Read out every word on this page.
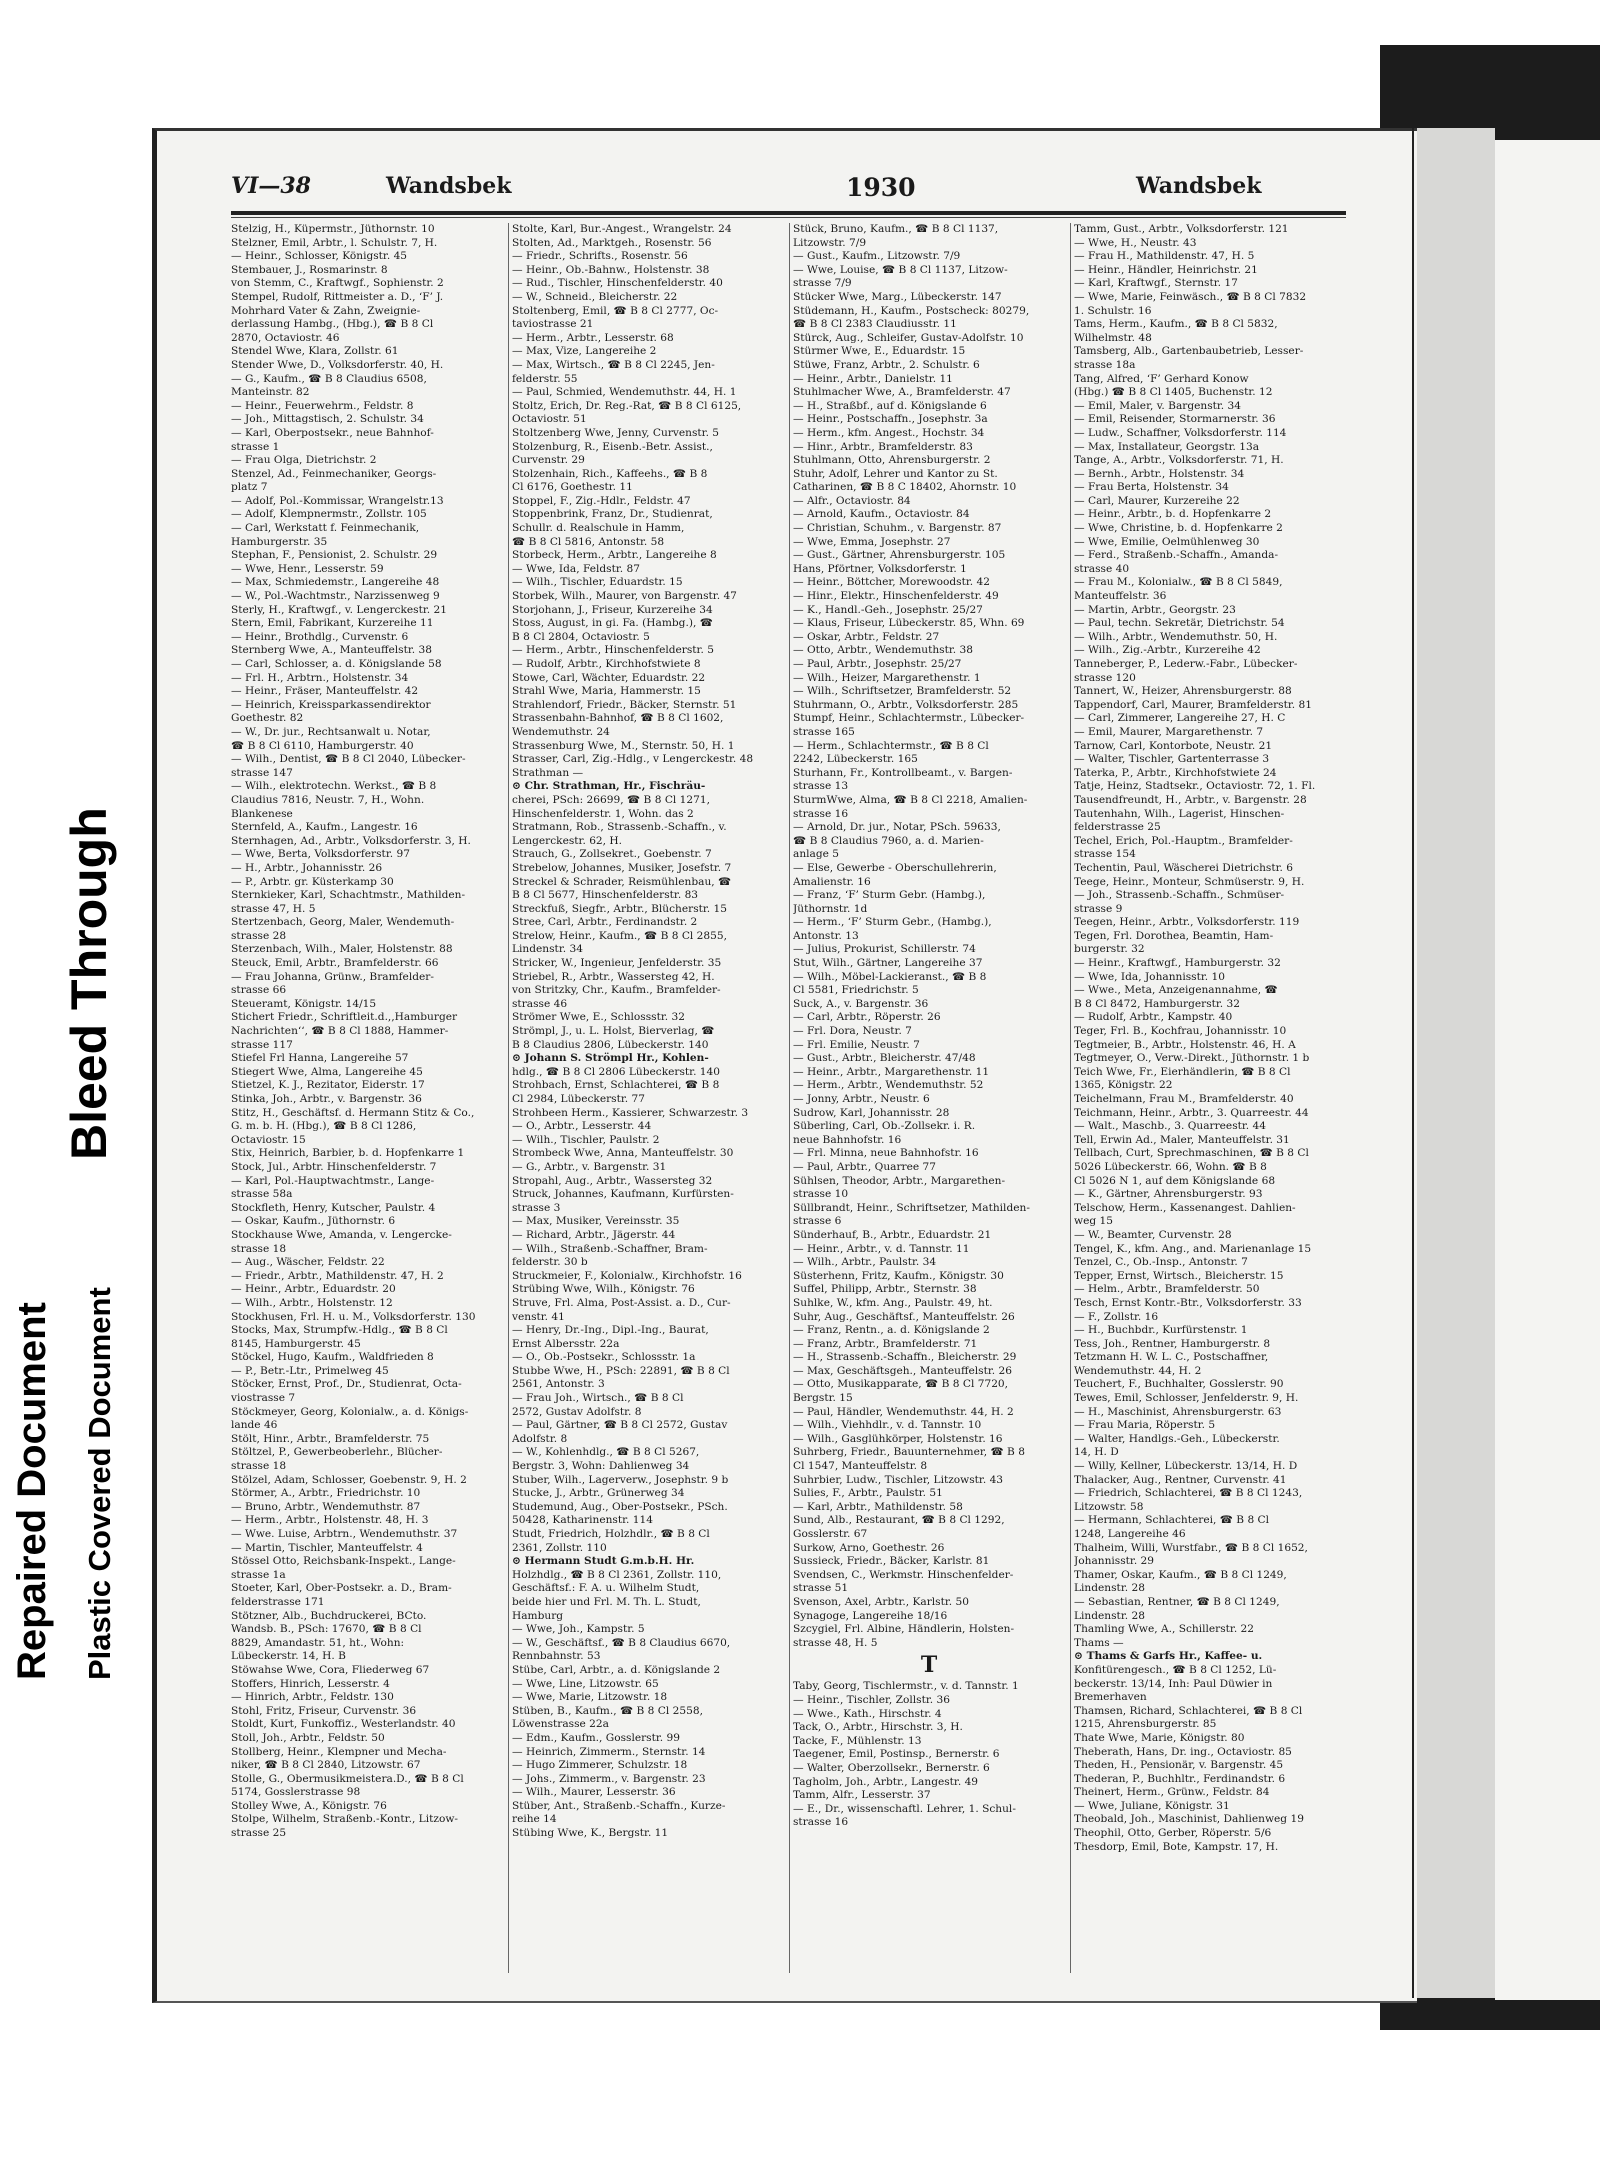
VI—38	Wandsbek	1930	Wandsbek
Stelzig, H., Küpermstr., Jüthornstr. 10
Stelzner, Emil, Arbtr., l. Schulstr. 7, H.
— Heinr., Schlosser, Königstr. 45
Stembauer, J., Rosmarinstr. 8
von Stemm, C., Kraftwgf., Sophienstr. 2
Stempel, Rudolf, Rittmeister a. D., ‘F’ J.
Mohrhard Vater & Zahn, Zweignie-
derlassung Hambg., (Hbg.), ☎ B 8 Cl
2870, Octaviostr. 46
Stendel Wwe, Klara, Zollstr. 61
Stender Wwe, D., Volksdorferstr. 40, H.
— G., Kaufm., ☎ B 8 Claudius 6508,
Manteinstr. 82
— Heinr., Feuerwehrm., Feldstr. 8
— Joh., Mittagstisch, 2. Schulstr. 34
— Karl, Oberpostsekr., neue Bahnhof-
strasse 1
— Frau Olga, Dietrichstr. 2
Stenzel, Ad., Feinmechaniker, Georgs-
platz 7
— Adolf, Pol.-Kommissar, Wrangelstr.13
— Adolf, Klempnermstr., Zollstr. 105
— Carl, Werkstatt f. Feinmechanik,
Hamburgerstr. 35
Stephan, F., Pensionist, 2. Schulstr. 29
— Wwe, Henr., Lesserstr. 59
— Max, Schmiedemstr., Langereihe 48
— W., Pol.-Wachtmstr., Narzissenweg 9
Sterly, H., Kraftwgf., v. Lengerckestr. 21
Stern, Emil, Fabrikant, Kurzereihe 11
— Heinr., Brothdlg., Curvenstr. 6
Sternberg Wwe, A., Manteuffelstr. 38
— Carl, Schlosser, a. d. Königslande 58
— Frl. H., Arbtrn., Holstenstr. 34
— Heinr., Fräser, Manteuffelstr. 42
— Heinrich, Kreissparkassendirektor
Goethestr. 82
— W., Dr. jur., Rechtsanwalt u. Notar,
☎ B 8 Cl 6110, Hamburgerstr. 40
— Wilh., Dentist, ☎ B 8 Cl 2040, Lübecker-
strasse 147
— Wilh., elektrotechn. Werkst., ☎ B 8
Claudius 7816, Neustr. 7, H., Wohn.
Blankenese
Sternfeld, A., Kaufm., Langestr. 16
Sternhagen, Ad., Arbtr., Volksdorferstr. 3, H.
— Wwe, Berta, Volksdorferstr. 97
— H., Arbtr., Johannisstr. 26
— P., Arbtr. gr. Küsterkamp 30
Sternkieker, Karl, Schachtmstr., Mathilden-
strasse 47, H. 5
Stertzenbach, Georg, Maler, Wendemuth-
strasse 28
Sterzenbach, Wilh., Maler, Holstenstr. 88
Steuck, Emil, Arbtr., Bramfelderstr. 66
— Frau Johanna, Grünw., Bramfelder-
strasse 66
Steueramt, Königstr. 14/15
Stichert Friedr., Schriftleit.d.,‚Hamburger
Nachrichten‘‘, ☎ B 8 Cl 1888, Hammer-
strasse 117
Stiefel Frl Hanna, Langereihe 57
Stiegert Wwe, Alma, Langereihe 45
Stietzel, K. J., Rezitator, Eiderstr. 17
Stinka, Joh., Arbtr., v. Bargenstr. 36
Stitz, H., Geschäftsf. d. Hermann Stitz & Co.,
G. m. b. H. (Hbg.), ☎ B 8 Cl 1286,
Octaviostr. 15
Stix, Heinrich, Barbier, b. d. Hopfenkarre 1
Stock, Jul., Arbtr. Hinschenfelderstr. 7
— Karl, Pol.-Hauptwachtmstr., Lange-
strasse 58a
Stockfleth, Henry, Kutscher, Paulstr. 4
— Oskar, Kaufm., Jüthornstr. 6
Stockhause Wwe, Amanda, v. Lengercke-
strasse 18
— Aug., Wäscher, Feldstr. 22
— Friedr., Arbtr., Mathildenstr. 47, H. 2
— Heinr., Arbtr., Eduardstr. 20
— Wilh., Arbtr., Holstenstr. 12
Stockhusen, Frl. H. u. M., Volksdorferstr. 130
Stocks, Max, Strumpfw.-Hdlg., ☎ B 8 Cl
8145, Hamburgerstr. 45
Stöckel, Hugo, Kaufm., Waldfrieden 8
— P., Betr.-Ltr., Primelweg 45
Stöcker, Ernst, Prof., Dr., Studienrat, Octa-
viostrasse 7
Stöckmeyer, Georg, Kolonialw., a. d. Königs-
lande 46
Stölt, Hinr., Arbtr., Bramfelderstr. 75
Stöltzel, P., Gewerbeoberlehr., Blücher-
strasse 18
Stölzel, Adam, Schlosser, Goebenstr. 9, H. 2
Störmer, A., Arbtr., Friedrichstr. 10
— Bruno, Arbtr., Wendemuthstr. 87
— Herm., Arbtr., Holstenstr. 48, H. 3
— Wwe. Luise, Arbtrn., Wendemuthstr. 37
— Martin, Tischler, Manteuffelstr. 4
Stössel Otto, Reichsbank-Inspekt., Lange-
strasse 1a
Stoeter, Karl, Ober-Postsekr. a. D., Bram-
felderstrasse 171
Stötzner, Alb., Buchdruckerei, BCto.
Wandsb. B., PSch: 17670, ☎ B 8 Cl
8829, Amandastr. 51, ht., Wohn:
Lübeckerstr. 14, H. B
Stöwahse Wwe, Cora, Fliederweg 67
Stoffers, Hinrich, Lesserstr. 4
— Hinrich, Arbtr., Feldstr. 130
Stohl, Fritz, Friseur, Curvenstr. 36
Stoldt, Kurt, Funkoffiz., Westerlandstr. 40
Stoll, Joh., Arbtr., Feldstr. 50
Stollberg, Heinr., Klempner und Mecha-
niker, ☎ B 8 Cl 2840, Litzowstr. 67
Stolle, G., Obermusikmeistera.D., ☎ B 8 Cl
5174, Gosslerstrasse 98
Stolley Wwe, A., Königstr. 76
Stolpe, Wilhelm, Straßenb.-Kontr., Litzow-
strasse 25
Stolte, Karl, Bur.-Angest., Wrangelstr. 24
Stolten, Ad., Marktgeh., Rosenstr. 56
— Friedr., Schrifts., Rosenstr. 56
— Heinr., Ob.-Bahnw., Holstenstr. 38
— Rud., Tischler, Hinschenfelderstr. 40
— W., Schneid., Bleicherstr. 22
Stoltenberg, Emil, ☎ B 8 Cl 2777, Oc-
taviostrasse 21
— Herm., Arbtr., Lesserstr. 68
— Max, Vize, Langereihe 2
— Max, Wirtsch., ☎ B 8 Cl 2245, Jen-
felderstr. 55
— Paul, Schmied, Wendemuthstr. 44, H. 1
Stoltz, Erich, Dr. Reg.-Rat, ☎ B 8 Cl 6125,
Octaviostr. 51
Stoltzenberg Wwe, Jenny, Curvenstr. 5
Stolzenburg, R., Eisenb.-Betr. Assist.,
Curvenstr. 29
Stolzenhain, Rich., Kaffeehs., ☎ B 8
Cl 6176, Goethestr. 11
Stoppel, F., Zig.-Hdlr., Feldstr. 47
Stoppenbrink, Franz, Dr., Studienrat,
Schullr. d. Realschule in Hamm,
☎ B 8 Cl 5816, Antonstr. 58
Storbeck, Herm., Arbtr., Langereihe 8
— Wwe, Ida, Feldstr. 87
— Wilh., Tischler, Eduardstr. 15
Storbek, Wilh., Maurer, von Bargenstr. 47
Storjohann, J., Friseur, Kurzereihe 34
Stoss, August, in gi. Fa. (Hambg.), ☎
B 8 Cl 2804, Octaviostr. 5
— Herm., Arbtr., Hinschenfelderstr. 5
— Rudolf, Arbtr., Kirchhofstwiete 8
Stowe, Carl, Wächter, Eduardstr. 22
Strahl Wwe, Maria, Hammerstr. 15
Strahlendorf, Friedr., Bäcker, Sternstr. 51
Strassenbahn-Bahnhof, ☎ B 8 Cl 1602,
Wendemuthstr. 24
Strassenburg Wwe, M., Sternstr. 50, H. 1
Strasser, Carl, Zig.-Hdlg., v Lengerckestr. 48
Strathman —
⊙ Chr. Strathman, Hr., Fischräu-
cherei, PSch: 26699, ☎ B 8 Cl 1271,
Hinschenfelderstr. 1, Wohn. das 2
Stratmann, Rob., Strassenb.-Schaffn., v.
Lengerckestr. 62, H.
Strauch, G., Zollsekret., Goebenstr. 7
Strebelow, Johannes, Musiker, Josefstr. 7
Streckel & Schrader, Reismühlenbau, ☎
B 8 Cl 5677, Hinschenfelderstr. 83
Streckfuß, Siegfr., Arbtr., Blücherstr. 15
Stree, Carl, Arbtr., Ferdinandstr. 2
Strelow, Heinr., Kaufm., ☎ B 8 Cl 2855,
Lindenstr. 34
Stricker, W., Ingenieur, Jenfelderstr. 35
Striebel, R., Arbtr., Wassersteg 42, H.
von Stritzky, Chr., Kaufm., Bramfelder-
strasse 46
Strömer Wwe, E., Schlossstr. 32
Strömpl, J., u. L. Holst, Bierverlag, ☎
B 8 Claudius 2806, Lübeckerstr. 140
⊙ Johann S. Strömpl Hr., Kohlen-
hdlg., ☎ B 8 Cl 2806 Lübeckerstr. 140
Strohbach, Ernst, Schlachterei, ☎ B 8
Cl 2984, Lübeckerstr. 77
Strohbeen Herm., Kassierer, Schwarzestr. 3
— O., Arbtr., Lesserstr. 44
— Wilh., Tischler, Paulstr. 2
Strombeck Wwe, Anna, Manteuffelstr. 30
— G., Arbtr., v. Bargenstr. 31
Stropahl, Aug., Arbtr., Wassersteg 32
Struck, Johannes, Kaufmann, Kurfürsten-
strasse 3
— Max, Musiker, Vereinsstr. 35
— Richard, Arbtr., Jägerstr. 44
— Wilh., Straßenb.-Schaffner, Bram-
felderstr. 30 b
Struckmeier, F., Kolonialw., Kirchhofstr. 16
Strübing Wwe, Wilh., Königstr. 76
Struve, Frl. Alma, Post-Assist. a. D., Cur-
venstr. 41
— Henry, Dr.-Ing., Dipl.-Ing., Baurat,
Ernst Albersstr. 22a
— O., Ob.-Postsekr., Schlossstr. 1a
Stubbe Wwe, H., PSch: 22891, ☎ B 8 Cl
2561, Antonstr. 3
— Frau Joh., Wirtsch., ☎ B 8 Cl
2572, Gustav Adolfstr. 8
— Paul, Gärtner, ☎ B 8 Cl 2572, Gustav
Adolfstr. 8
— W., Kohlenhdlg., ☎ B 8 Cl 5267,
Bergstr. 3, Wohn: Dahlienweg 34
Stuber, Wilh., Lagerverw., Josephstr. 9 b
Stucke, J., Arbtr., Grünerweg 34
Studemund, Aug., Ober-Postsekr., PSch.
50428, Katharinenstr. 114
Studt, Friedrich, Holzhdlr., ☎ B 8 Cl
2361, Zollstr. 110
⊙ Hermann Studt G.m.b.H. Hr.
Holzhdlg., ☎ B 8 Cl 2361, Zollstr. 110,
Geschäftsf.: F. A. u. Wilhelm Studt,
beide hier und Frl. M. Th. L. Studt,
Hamburg
— Wwe, Joh., Kampstr. 5
— W., Geschäftsf., ☎ B 8 Claudius 6670,
Rennbahnstr. 53
Stübe, Carl, Arbtr., a. d. Königslande 2
— Wwe, Line, Litzowstr. 65
— Wwe, Marie, Litzowstr. 18
Stüben, B., Kaufm., ☎ B 8 Cl 2558,
Löwenstrasse 22a
— Edm., Kaufm., Gosslerstr. 99
— Heinrich, Zimmerm., Sternstr. 14
— Hugo Zimmerer, Schulzstr. 18
— Johs., Zimmerm., v. Bargenstr. 23
— Wilh., Maurer, Lesserstr. 36
Stüber, Ant., Straßenb.-Schaffn., Kurze-
reihe 14
Stübing Wwe, K., Bergstr. 11
Stück, Bruno, Kaufm., ☎ B 8 Cl 1137,
Litzowstr. 7/9
— Gust., Kaufm., Litzowstr. 7/9
— Wwe, Louise, ☎ B 8 Cl 1137, Litzow-
strasse 7/9
Stücker Wwe, Marg., Lübeckerstr. 147
Stüdemann, H., Kaufm., Postscheck: 80279,
☎ B 8 Cl 2383 Claudiusstr. 11
Stürck, Aug., Schleifer, Gustav-Adolfstr. 10
Stürmer Wwe, E., Eduardstr. 15
Stüwe, Franz, Arbtr., 2. Schulstr. 6
— Heinr., Arbtr., Danielstr. 11
Stuhlmacher Wwe, A., Bramfelderstr. 47
— H., Straßbf., auf d. Königslande 6
— Heinr., Postschaffn., Josephstr. 3a
— Herm., kfm. Angest., Hochstr. 34
— Hinr., Arbtr., Bramfelderstr. 83
Stuhlmann, Otto, Ahrensburgerstr. 2
Stuhr, Adolf, Lehrer und Kantor zu St.
Catharinen, ☎ B 8 C 18402, Ahornstr. 10
— Alfr., Octaviostr. 84
— Arnold, Kaufm., Octaviostr. 84
— Christian, Schuhm., v. Bargenstr. 87
— Wwe, Emma, Josephstr. 27
— Gust., Gärtner, Ahrensburgerstr. 105
Hans, Pförtner, Volksdorferstr. 1
— Heinr., Böttcher, Morewoodstr. 42
— Hinr., Elektr., Hinschenfelderstr. 49
— K., Handl.-Geh., Josephstr. 25/27
— Klaus, Friseur, Lübeckerstr. 85, Whn. 69
— Oskar, Arbtr., Feldstr. 27
— Otto, Arbtr., Wendemuthstr. 38
— Paul, Arbtr., Josephstr. 25/27
— Wilh., Heizer, Margarethenstr. 1
— Wilh., Schriftsetzer, Bramfelderstr. 52
Stuhrmann, O., Arbtr., Volksdorferstr. 285
Stumpf, Heinr., Schlachtermstr., Lübecker-
strasse 165
— Herm., Schlachtermstr., ☎ B 8 Cl
2242, Lübeckerstr. 165
Sturhann, Fr., Kontrollbeamt., v. Bargen-
strasse 13
SturmWwe, Alma, ☎ B 8 Cl 2218, Amalien-
strasse 16
— Arnold, Dr. jur., Notar, PSch. 59633,
☎ B 8 Claudius 7960, a. d. Marien-
anlage 5
— Else, Gewerbe - Oberschullehrerin,
Amalienstr. 16
— Franz, ‘F’ Sturm Gebr. (Hambg.),
Jüthornstr. 1d
— Herm., ‘F’ Sturm Gebr., (Hambg.),
Antonstr. 13
— Julius, Prokurist, Schillerstr. 74
Stut, Wilh., Gärtner, Langereihe 37
— Wilh., Möbel-Lackieranst., ☎ B 8
Cl 5581, Friedrichstr. 5
Suck, A., v. Bargenstr. 36
— Carl, Arbtr., Röperstr. 26
— Frl. Dora, Neustr. 7
— Frl. Emilie, Neustr. 7
— Gust., Arbtr., Bleicherstr. 47/48
— Heinr., Arbtr., Margarethenstr. 11
— Herm., Arbtr., Wendemuthstr. 52
— Jonny, Arbtr., Neustr. 6
Sudrow, Karl, Johannisstr. 28
Süberling, Carl, Ob.-Zollsekr. i. R.
neue Bahnhofstr. 16
— Frl. Minna, neue Bahnhofstr. 16
— Paul, Arbtr., Quarree 77
Sühlsen, Theodor, Arbtr., Margarethen-
strasse 10
Süllbrandt, Heinr., Schriftsetzer, Mathilden-
strasse 6
Sünderhauf, B., Arbtr., Eduardstr. 21
— Heinr., Arbtr., v. d. Tannstr. 11
— Wilh., Arbtr., Paulstr. 34
Süsterhenn, Fritz, Kaufm., Königstr. 30
Suffel, Philipp, Arbtr., Sternstr. 38
Suhlke, W., kfm. Ang., Paulstr. 49, ht.
Suhr, Aug., Geschäftsf., Manteuffelstr. 26
— Franz, Rentn., a. d. Königslande 2
— Franz, Arbtr., Bramfelderstr. 71
— H., Strassenb.-Schaffn., Bleicherstr. 29
— Max, Geschäftsgeh., Manteuffelstr. 26
— Otto, Musikapparate, ☎ B 8 Cl 7720,
Bergstr. 15
— Paul, Händler, Wendemuthstr. 44, H. 2
— Wilh., Viehhdlr., v. d. Tannstr. 10
— Wilh., Gasglühkörper, Holstenstr. 16
Suhrberg, Friedr., Bauunternehmer, ☎ B 8
Cl 1547, Manteuffelstr. 8
Suhrbier, Ludw., Tischler, Litzowstr. 43
Sulies, F., Arbtr., Paulstr. 51
— Karl, Arbtr., Mathildenstr. 58
Sund, Alb., Restaurant, ☎ B 8 Cl 1292,
Gosslerstr. 67
Surkow, Arno, Goethestr. 26
Sussieck, Friedr., Bäcker, Karlstr. 81
Svendsen, C., Werkmstr. Hinschenfelder-
strasse 51
Svenson, Axel, Arbtr., Karlstr. 50
Synagoge, Langereihe 18/16
Szcygiel, Frl. Albine, Händlerin, Holsten-
strasse 48, H. 5
T
Taby, Georg, Tischlermstr., v. d. Tannstr. 1
— Heinr., Tischler, Zollstr. 36
— Wwe., Kath., Hirschstr. 4
Tack, O., Arbtr., Hirschstr. 3, H.
Tacke, F., Mühlenstr. 13
Taegener, Emil, Postinsp., Bernerstr. 6
— Walter, Oberzollsekr., Bernerstr. 6
Tagholm, Joh., Arbtr., Langestr. 49
Tamm, Alfr., Lesserstr. 37
— E., Dr., wissenschaftl. Lehrer, 1. Schul-
strasse 16
Tamm, Gust., Arbtr., Volksdorferstr. 121
— Wwe, H., Neustr. 43
— Frau H., Mathildenstr. 47, H. 5
— Heinr., Händler, Heinrichstr. 21
— Karl, Kraftwgf., Sternstr. 17
— Wwe, Marie, Feinwäsch., ☎ B 8 Cl 7832
1. Schulstr. 16
Tams, Herm., Kaufm., ☎ B 8 Cl 5832,
Wilhelmstr. 48
Tamsberg, Alb., Gartenbaubetrieb, Lesser-
strasse 18a
Tang, Alfred, ‘F’ Gerhard Konow
(Hbg.) ☎ B 8 Cl 1405, Buchenstr. 12
— Emil, Maler, v. Bargenstr. 34
— Emil, Reisender, Stormarnerstr. 36
— Ludw., Schaffner, Volksdorferstr. 114
— Max, Installateur, Georgstr. 13a
Tange, A., Arbtr., Volksdorferstr. 71, H.
— Bernh., Arbtr., Holstenstr. 34
— Frau Berta, Holstenstr. 34
— Carl, Maurer, Kurzereihe 22
— Heinr., Arbtr., b. d. Hopfenkarre 2
— Wwe, Christine, b. d. Hopfenkarre 2
— Wwe, Emilie, Oelmühlenweg 30
— Ferd., Straßenb.-Schaffn., Amanda-
strasse 40
— Frau M., Kolonialw., ☎ B 8 Cl 5849,
Manteuffelstr. 36
— Martin, Arbtr., Georgstr. 23
— Paul, techn. Sekretär, Dietrichstr. 54
— Wilh., Arbtr., Wendemuthstr. 50, H.
— Wilh., Zig.-Arbtr., Kurzereihe 42
Tanneberger, P., Lederw.-Fabr., Lübecker-
strasse 120
Tannert, W., Heizer, Ahrensburgerstr. 88
Tappendorf, Carl, Maurer, Bramfelderstr. 81
— Carl, Zimmerer, Langereihe 27, H. C
— Emil, Maurer, Margarethenstr. 7
Tarnow, Carl, Kontorbote, Neustr. 21
— Walter, Tischler, Gartenterrasse 3
Taterka, P., Arbtr., Kirchhofstwiete 24
Tatje, Heinz, Stadtsekr., Octaviostr. 72, 1. Fl.
Tausendfreundt, H., Arbtr., v. Bargenstr. 28
Tautenhahn, Wilh., Lagerist, Hinschen-
felderstrasse 25
Techel, Erich, Pol.-Hauptm., Bramfelder-
strasse 154
Techentin, Paul, Wäscherei Dietrichstr. 6
Teege, Heinr., Monteur, Schmüserstr. 9, H.
— Joh., Strassenb.-Schaffn., Schmüser-
strasse 9
Teegen, Heinr., Arbtr., Volksdorferstr. 119
Tegen, Frl. Dorothea, Beamtin, Ham-
burgerstr. 32
— Heinr., Kraftwgf., Hamburgerstr. 32
— Wwe, Ida, Johannisstr. 10
— Wwe., Meta, Anzeigenannahme, ☎
B 8 Cl 8472, Hamburgerstr. 32
— Rudolf, Arbtr., Kampstr. 40
Teger, Frl. B., Kochfrau, Johannisstr. 10
Tegtmeier, B., Arbtr., Holstenstr. 46, H. A
Tegtmeyer, O., Verw.-Direkt., Jüthornstr. 1 b
Teich Wwe, Fr., Eierhändlerin, ☎ B 8 Cl
1365, Königstr. 22
Teichelmann, Frau M., Bramfelderstr. 40
Teichmann, Heinr., Arbtr., 3. Quarreestr. 44
— Walt., Maschb., 3. Quarreestr. 44
Tell, Erwin Ad., Maler, Manteuffelstr. 31
Tellbach, Curt, Sprechmaschinen, ☎ B 8 Cl
5026 Lübeckerstr. 66, Wohn. ☎ B 8
Cl 5026 N 1, auf dem Königslande 68
— K., Gärtner, Ahrensburgerstr. 93
Telschow, Herm., Kassenangest. Dahlien-
weg 15
— W., Beamter, Curvenstr. 28
Tengel, K., kfm. Ang., and. Marienanlage 15
Tenzel, C., Ob.-Insp., Antonstr. 7
Tepper, Ernst, Wirtsch., Bleicherstr. 15
— Helm., Arbtr., Bramfelderstr. 50
Tesch, Ernst Kontr.-Btr., Volksdorferstr. 33
— F., Zollstr. 16
— H., Buchbdr., Kurfürstenstr. 1
Tess, Joh., Rentner, Hamburgerstr. 8
Tetzmann H. W. L. C., Postschaffner,
Wendemuthstr. 44, H. 2
Teuchert, F., Buchhalter, Gosslerstr. 90
Tewes, Emil, Schlosser, Jenfelderstr. 9, H.
— H., Maschinist, Ahrensburgerstr. 63
— Frau Maria, Röperstr. 5
— Walter, Handlgs.-Geh., Lübeckerstr.
14, H. D
— Willy, Kellner, Lübeckerstr. 13/14, H. D
Thalacker, Aug., Rentner, Curvenstr. 41
— Friedrich, Schlachterei, ☎ B 8 Cl 1243,
Litzowstr. 58
— Hermann, Schlachterei, ☎ B 8 Cl
1248, Langereihe 46
Thalheim, Willi, Wurstfabr., ☎ B 8 Cl 1652,
Johannisstr. 29
Thamer, Oskar, Kaufm., ☎ B 8 Cl 1249,
Lindenstr. 28
— Sebastian, Rentner, ☎ B 8 Cl 1249,
Lindenstr. 28
Thamling Wwe, A., Schillerstr. 22
Thams —
⊙ Thams & Garfs Hr., Kaffee- u.
Konfitürengesch., ☎ B 8 Cl 1252, Lü-
beckerstr. 13/14, Inh: Paul Düwier in
Bremerhaven
Thamsen, Richard, Schlachterei, ☎ B 8 Cl
1215, Ahrensburgerstr. 85
Thate Wwe, Marie, Königstr. 80
Theberath, Hans, Dr. ing., Octaviostr. 85
Theden, H., Pensionär, v. Bargenstr. 45
Thederan, P., Buchhltr., Ferdinandstr. 6
Theinert, Herm., Grünw., Feldstr. 84
— Wwe, Juliane, Königstr. 31
Theobald, Joh., Maschinist, Dahlienweg 19
Theophil, Otto, Gerber, Röperstr. 5/6
Thesdorp, Emil, Bote, Kampstr. 17, H.
Bleed Through
Repaired Document Plastic Covered Document
